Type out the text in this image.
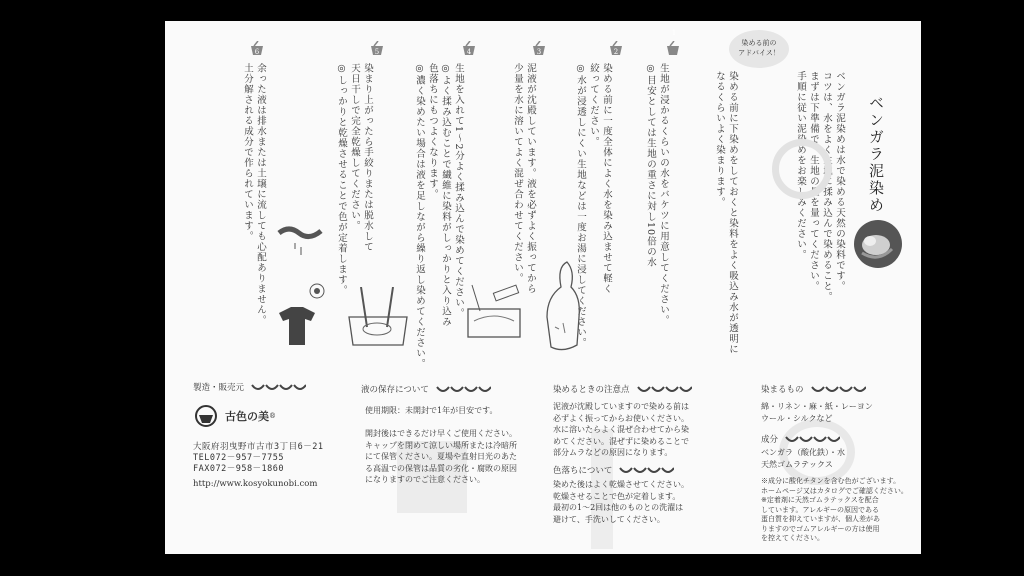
ベンガラ泥染め
ベンガラ泥染めは水で染める天然の染料です。
コツは、水をよく生地に揉み込んで染めること。
まずは下準備で、生地の量を量ってください。
手順に従い泥染めをお楽しみください。
染める前の
アドバイス！
染める前に下染めをしておくと染料をよく吸込み水が透明に
なるくらいよく染まります。
1
生地が浸かるくらいの水をバケツに用意してください。
◎目安としては生地の重さに対し10倍の水
2
染める前に一度全体によく水を染み込ませて軽く
絞ってください。
◎水が浸透しにくい生地などは一度お湯に浸してください。
3
泥液が沈殿しています。液を必ずよく振ってから
少量を水に溶いてよく混ぜ合わせてください。
4
生地を入れて1〜2分よく揉み込んで染めてください。
◎よく揉み込むことで繊維に染料がしっかりと入り込み
色落ちにもつよくなります。
◎濃く染めたい場合は液を足しながら繰り返し染めてください。
5
染まり上がったら手絞りまたは脱水して
天日干しで完全乾燥してください。
◎しっかりと乾燥させることで色が定着します。
6
余った液は排水または土壌に流しても心配ありません。
土分解される成分で作られています。
製造・販売元
古色の美 ®
大阪府羽曳野市古市3丁目6－21
TEL072－957－7755
FAX072－958－1860
http://www.kosyokunobi.com
液の保存について
使用期限：未開封で1年が目安です。

開封後はできるだけ早くご使用ください。
キャップを閉めて涼しい場所または冷暗所
にて保管ください。夏場や直射日光のあた
る高温での保管は品質の劣化・腐敗の原因
になりますのでご注意ください。
染めるときの注意点
泥液が沈殿していますので染める前は
必ずよく振ってからお使いください。
水に溶いたらよく混ぜ合わせてから染
めてください。混ぜずに染めることで
部分ムラなどの原因になります。
色落ちについて
染めた後はよく乾燥させてください。
乾燥させることで色が定着します。
最初の1～2回は他のものとの洗濯は
避けて、手洗いしてください。
染まるもの
綿・リネン・麻・紙・レーヨン
ウール・シルクなど
成分
ベンガラ（酸化鉄）・水
天然ゴムラテックス
※成分に酸化チタンを含む色がございます。
ホームページ又はカタログでご確認ください。
※定着剤に天然ゴムラテックスを配合
しています。アレルギーの原因である
蛋白質を抑えていますが、個人差があ
りますのでゴムアレルギーの方は使用
を控えてください。
